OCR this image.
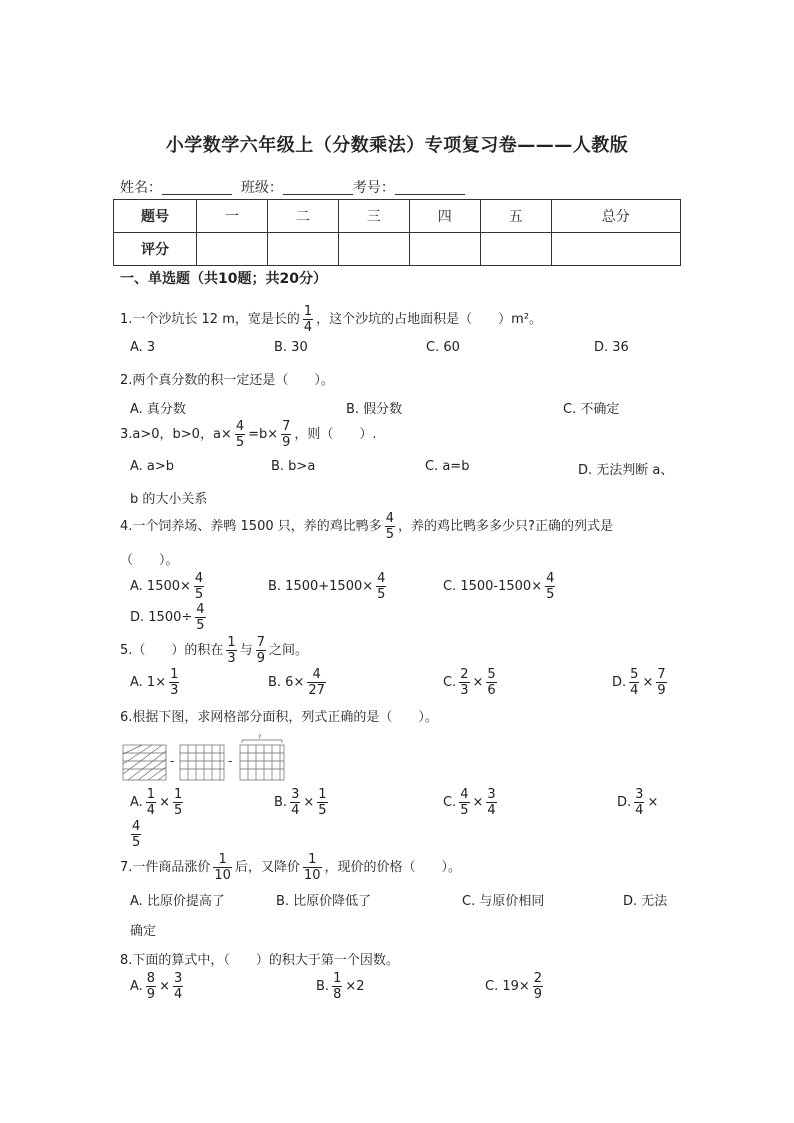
小学数学六年级上（分数乘法）专项复习卷———人教版
姓名：	班级：	考号：
题号	一	二	三	四	五	总分
评分						
一、单选题（共10题；共20分）
1.一个沙坑长 12 m，宽是长的 $\frac{1}{4}$ ，这个沙坑的占地面积是（　　）m²。
A. 3	B. 30	C. 60	D. 36
2.两个真分数的积一定还是（　　）。
A. 真分数	B. 假分数	C. 不确定
3.a>0，b>0，$a\times \frac{4}{5} =b\times \frac{7}{9}$ ，则（　　）.
A. a>b	B. b>a	C. a=b	D. 无法判断 a、
b 的大小关系
4.一个饲养场、养鸭 1500 只，养的鸡比鸭多 $\frac{4}{5}$ ，养的鸡比鸭多多少只?正确的列式是
（　　）。
A. $1500\times \frac{4}{5}$	B. $1500+1500\times \frac{4}{5}$	C. $1500-1500\times \frac{4}{5}$
D. $1500\div \frac{4}{5}$
5.（　　）的积在 $\frac{1}{3}$ 与 $\frac{7}{9}$ 之间。
A. $1\times \frac{1}{3}$	B. $6\times \frac{4}{27}$	C. $\frac{2}{3} \times \frac{5}{6}$	D. $\frac{5}{4} \times \frac{7}{9}$
6.根据下图，求网格部分面积，列式正确的是（　　）。
-	-
?
A. $\frac{1}{4} \times \frac{1}{5}$	B. $\frac{3}{4} \times \frac{1}{5}$	C. $\frac{4}{5} \times \frac{3}{4}$	D. $\frac{3}{4}$ ×
$\frac{4}{5}$
7.一件商品涨价 $\frac{1}{10}$ 后，又降价 $\frac{1}{10}$ ，现价的价格（　　）。
A. 比原价提高了	B. 比原价降低了	C. 与原价相同	D. 无法
确定
8.下面的算式中，（　　）的积大于第一个因数。
A. $\frac{8}{9} \times \frac{3}{4}$	B. $\frac{1}{8} \times 2$	C. $19\times \frac{2}{9}$
